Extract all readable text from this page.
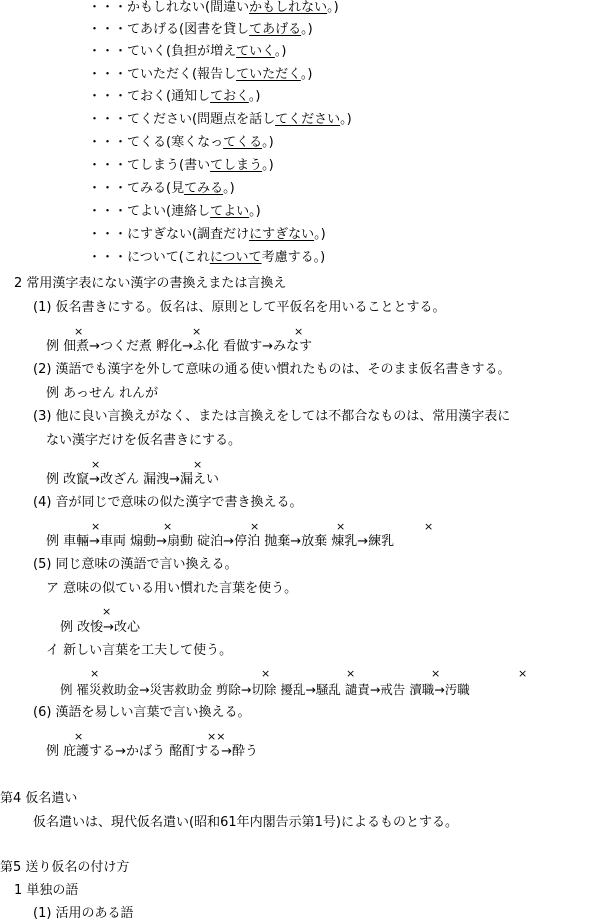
・・・かもしれない(間違いかもしれない。)
・・・てあげる(図書を貸してあげる。)
・・・ていく(負担が増えていく。)
・・・ていただく(報告していただく。)
・・・ておく(通知しておく。)
・・・てください(問題点を話してください。)
・・・てくる(寒くなってくる。)
・・・てしまう(書いてしまう。)
・・・てみる(見てみる。)
・・・てよい(連絡してよい。)
・・・にすぎない(調査だけにすぎない。)
・・・について(これについて考慮する。)
2 常用漢字表にない漢字の書換えまたは言換え
(1) 仮名書きにする。仮名は、原則として平仮名を用いることとする。
×	×	×
例 佃煮→つくだ煮 孵化→ふ化 看做す→みなす
(2) 漢語でも漢字を外して意味の通る使い慣れたものは、そのまま仮名書きする。
例 あっせん れんが
(3) 他に良い言換えがなく、または言換えをしては不都合なものは、常用漢字表に
ない漢字だけを仮名書きにする。
×	×
例 改竄→改ざん 漏洩→漏えい
(4) 音が同じで意味の似た漢字で書き換える。
×	×	×	×	×
例 車輛→車両 煽動→扇動 碇泊→停泊 抛棄→放棄 煉乳→練乳
(5) 同じ意味の漢語で言い換える。
ア 意味の似ている用い慣れた言葉を使う。
×
例 改悛→改心
イ 新しい言葉を工夫して使う。
×	×	×	×	×
例 罹災救助金→災害救助金 剪除→切除 擾乱→騒乱 譴責→戒告 瀆職→汚職
(6) 漢語を易しい言葉で言い換える。
×	××
例 庇護する→かばう 酩酊する→酔う
第4 仮名遣い
仮名遣いは、現代仮名遣い(昭和61年内閣告示第1号)によるものとする。
第5 送り仮名の付け方
1 単独の語
(1) 活用のある語
